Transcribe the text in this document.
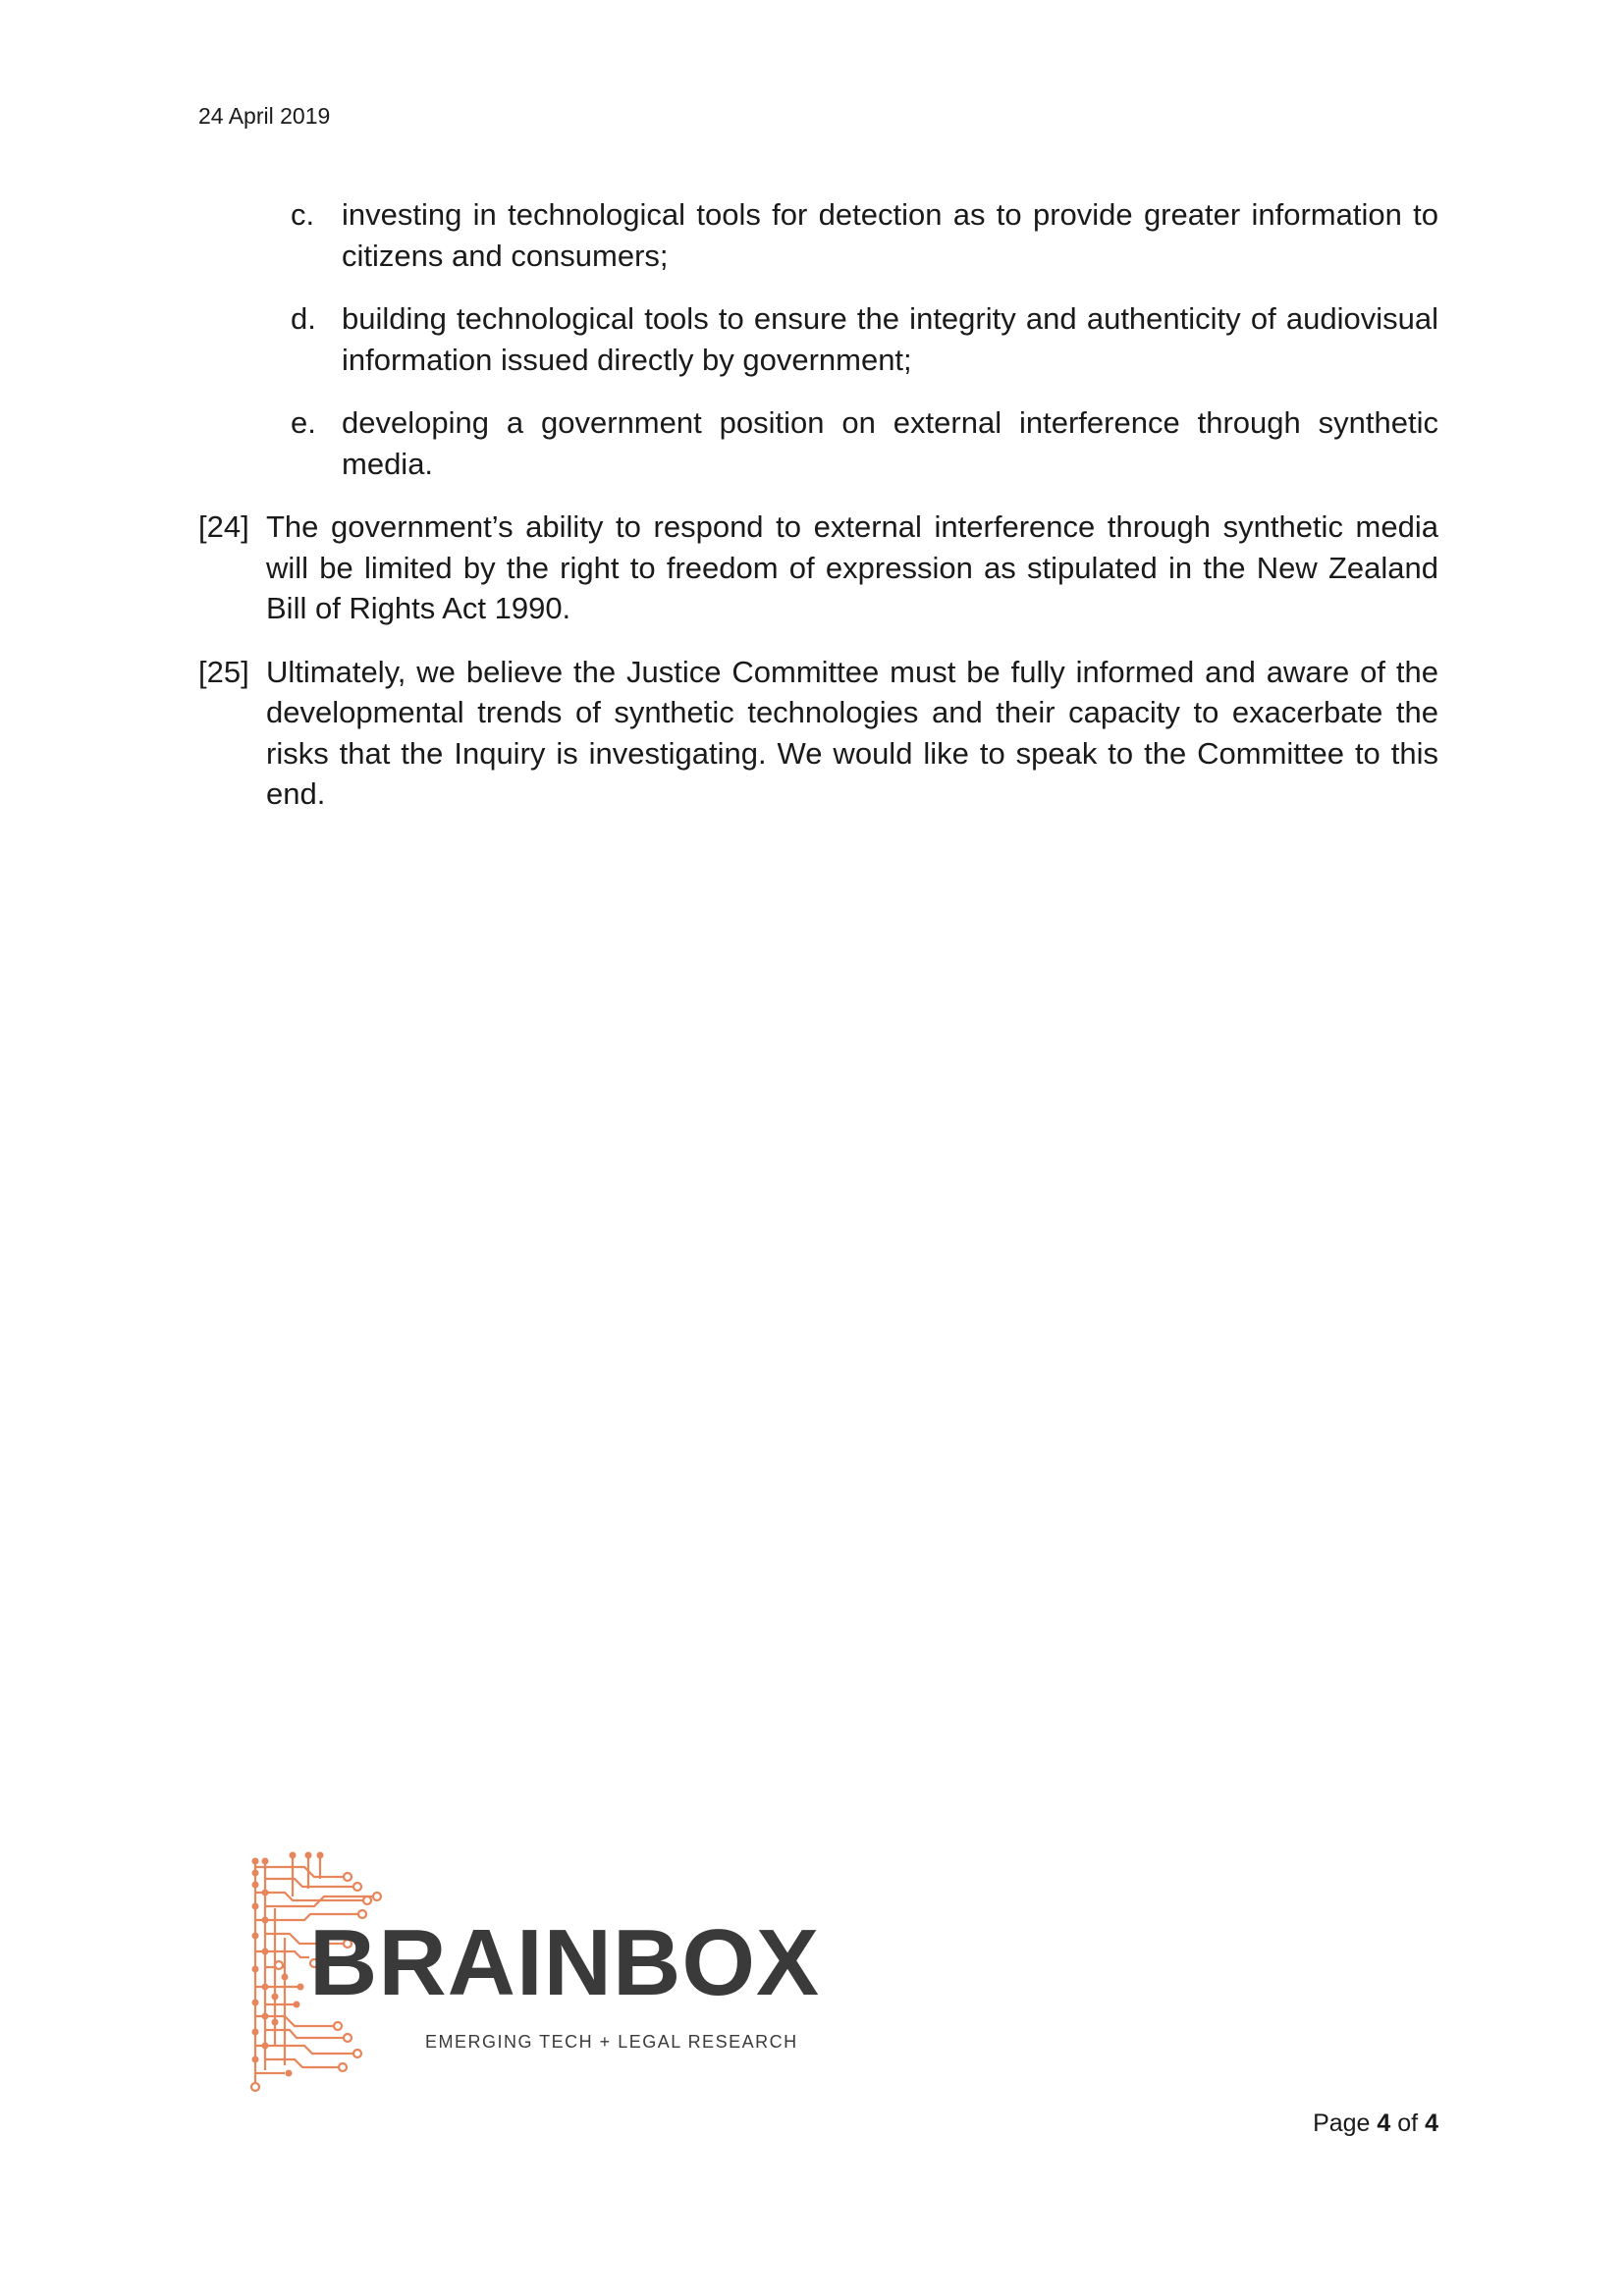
24 April 2019
c. investing in technological tools for detection as to provide greater information to citizens and consumers;
d. building technological tools to ensure the integrity and authenticity of audiovisual information issued directly by government;
e. developing a government position on external interference through synthetic media.
[24] The government’s ability to respond to external interference through synthetic media will be limited by the right to freedom of expression as stipulated in the New Zealand Bill of Rights Act 1990.
[25] Ultimately, we believe the Justice Committee must be fully informed and aware of the developmental trends of synthetic technologies and their capacity to exacerbate the risks that the Inquiry is investigating. We would like to speak to the Committee to this end.
BRAINBOX
EMERGING TECH + LEGAL RESEARCH
Page 4 of 4
